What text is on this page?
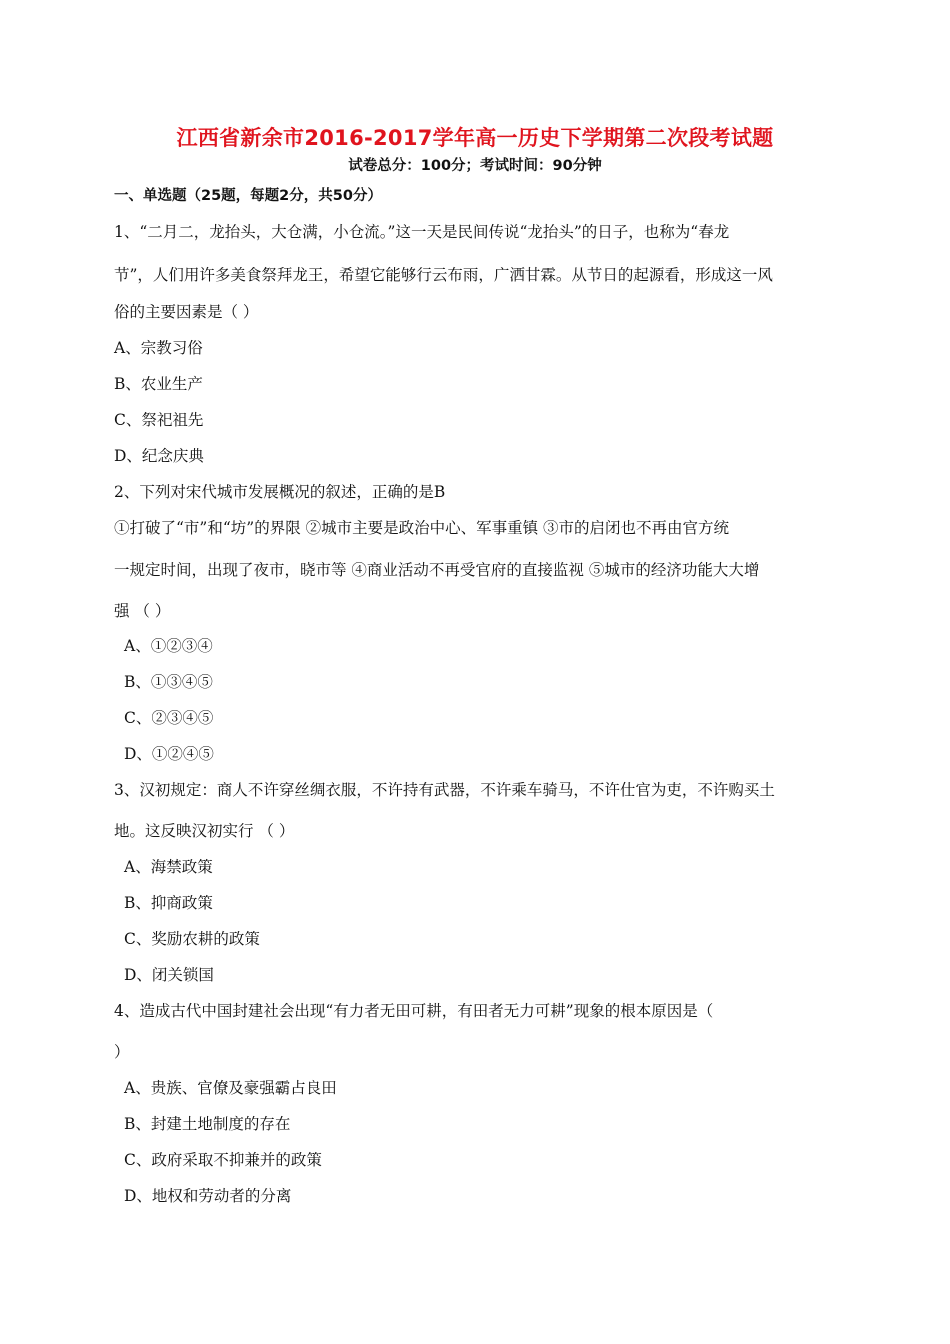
江西省新余市2016-2017学年高一历史下学期第二次段考试题
试卷总分：100分；考试时间：90分钟
一、单选题（25题，每题2分，共50分）
1、“二月二，龙抬头，大仓满，小仓流。”这一天是民间传说“龙抬头”的日子，也称为“春龙
节”，人们用许多美食祭拜龙王，希望它能够行云布雨，广洒甘霖。从节日的起源看，形成这一风
俗的主要因素是（ ）
A、宗教习俗
B、农业生产
C、祭祀祖先
D、纪念庆典
2、下列对宋代城市发展概况的叙述，正确的是B
①打破了“市”和“坊”的界限 ②城市主要是政治中心、军事重镇 ③市的启闭也不再由官方统
一规定时间，出现了夜市，晓市等 ④商业活动不再受官府的直接监视 ⑤城市的经济功能大大增
强 （ ）
A、①②③④
B、①③④⑤
C、②③④⑤
D、①②④⑤
3、汉初规定：商人不许穿丝绸衣服，不许持有武器，不许乘车骑马，不许仕官为吏，不许购买土
地。这反映汉初实行 （ ）
A、海禁政策
B、抑商政策
C、奖励农耕的政策
D、闭关锁国
4、造成古代中国封建社会出现“有力者无田可耕，有田者无力可耕”现象的根本原因是（
）
A、贵族、官僚及豪强霸占良田
B、封建土地制度的存在
C、政府采取不抑兼并的政策
D、地权和劳动者的分离
